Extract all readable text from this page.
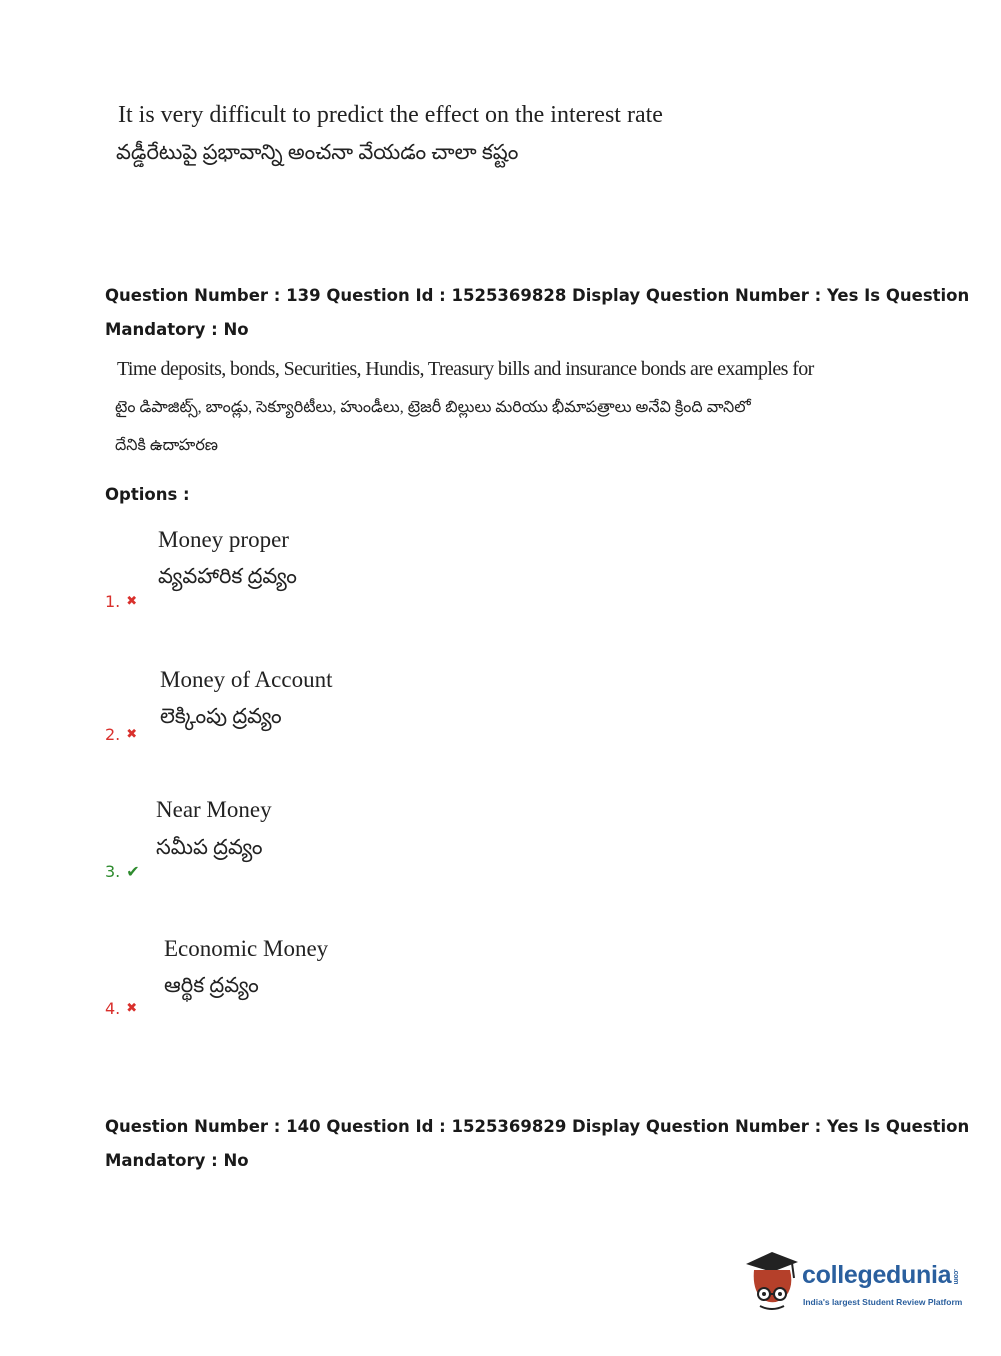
It is very difficult to predict the effect on the interest rate
వడ్డీరేటుపై ప్రభావాన్ని అంచనా వేయడం చాలా కష్టం
Question Number : 139 Question Id : 1525369828 Display Question Number : Yes Is Question
Mandatory : No
Time deposits, bonds, Securities, Hundis, Treasury bills and insurance bonds are examples for
టైం డిపాజిట్స్, బాండ్లు, సెక్యూరిటీలు, హుండీలు, ట్రెజరీ బిల్లులు మరియు భీమాపత్రాలు అనేవి క్రింది వానిలో
దేనికి ఉదాహరణ
Options :
Money proper
వ్యవహారిక ద్రవ్యం
1. ✖
Money of Account
లెక్కింపు ద్రవ్యం
2. ✖
Near Money
సమీప ద్రవ్యం
3. ✔
Economic Money
ఆర్థిక ద్రవ్యం
4. ✖
Question Number : 140 Question Id : 1525369829 Display Question Number : Yes Is Question
Mandatory : No
collegedunia.com
India's largest Student Review Platform
